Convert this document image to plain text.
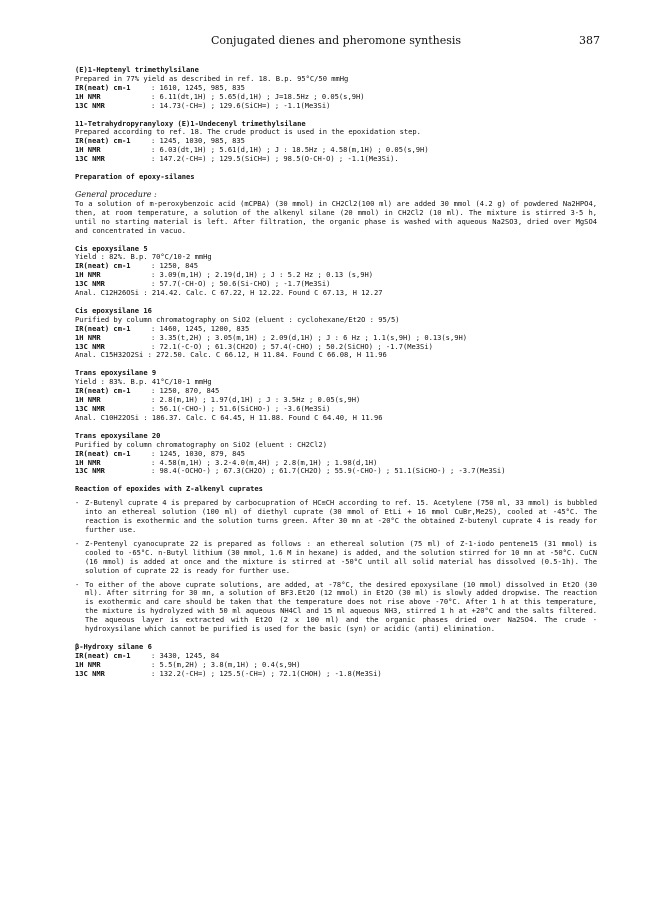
Conjugated dienes and pheromone synthesis	387
(E)1-Heptenyl trimethylsilane
Prepared in 77% yield as described in ref. 18. B.p. 95°C/50 mmHg
IR(neat) cm-1	: 1610, 1245, 985, 835
1H NMR	: 6.11(dt,1H) ; 5.65(d,1H) ; J=18.5Hz ; 0.05(s,9H)
13C NMR	: 14.73(-CH=) ; 129.6(SiCH=) ; -1.1(Me3Si)
11-Tetrahydropyranyloxy (E)1-Undecenyl trimethylsilane
Prepared according to ref. 18. The crude product is used in the epoxidation step.
IR(neat) cm-1	: 1245, 1030, 985, 835
1H NMR	: 6.03(dt,1H) ; 5.61(d,1H) ; J : 18.5Hz ; 4.58(m,1H) ; 0.05(s,9H)
13C NMR	: 147.2(-CH=) ; 129.5(SiCH=) ; 98.5(O-CH-O) ; -1.1(Me3Si).
Preparation of epoxy-silanes
General procedure :
To a solution of m-peroxybenzoic acid (mCPBA) (30 mmol) in CH2Cl2(100 ml) are added 30 mmol (4.2 g) of powdered Na2HPO4, then, at room temperature, a solution of the alkenyl silane (20 mmol) in CH2Cl2 (10 ml). The mixture is stirred 3-5 h, until no starting material is left. After filtration, the organic phase is washed with aqueous Na2SO3, dried over MgSO4 and concentrated in vacuo.
Cis epoxysilane 5
Yield : 82%. B.p. 70°C/10-2 mmHg
IR(neat) cm-1	: 1250, 845
1H NMR	: 3.09(m,1H) ; 2.19(d,1H) ; J : 5.2 Hz ; 0.13 (s,9H)
13C NMR	: 57.7(-CH-O) ; 50.6(Si-CHO) ; -1.7(Me3Si)
Anal. C12H26OSi : 214.42. Calc. C 67.22, H 12.22. Found C 67.13, H 12.27
Cis epoxysilane 16
Purified by column chromatography on SiO2 (eluent : cyclohexane/Et2O : 95/5)
IR(neat) cm-1	: 1460, 1245, 1200, 835
1H NMR	: 3.35(t,2H) ; 3.05(m,1H) ; 2.09(d,1H) ; J : 6 Hz ; 1.1(s,9H) ; 0.13(s,9H)
13C NMR	: 72.1(-C-O) ; 61.3(CH2O) ; 57.4(-CHO) ; 50.2(SiCHO) ; -1.7(Me3Si)
Anal. C15H32O2Si : 272.50. Calc. C 66.12, H 11.84. Found C 66.08, H 11.96
Trans epoxysilane 9
Yield : 83%. B.p. 41°C/10-1 mmHg
IR(neat) cm-1	: 1250, 870, 845
1H NMR	: 2.8(m,1H) ; 1.97(d,1H) ; J : 3.5Hz ; 0.05(s,9H)
13C NMR	: 56.1(-CHO-) ; 51.6(SiCHO-) ; -3.6(Me3Si)
Anal. C10H22OSi : 186.37. Calc. C 64.45, H 11.88. Found C 64.40, H 11.96
Trans epoxysilane 20
Purified by column chromatography on SiO2 (eluent : CH2Cl2)
IR(neat) cm-1	: 1245, 1030, 879, 845
1H NMR	: 4.58(m,1H) ; 3.2-4.0(m,4H) ; 2.8(m,1H) ; 1.98(d,1H)
13C NMR	: 98.4(-OCHO-) ; 67.3(CH2O) ; 61.7(CH2O) ; 55.9(-CHO-) ; 51.1(SiCHO-) ; -3.7(Me3Si)
Reaction of epoxides with Z-alkenyl cuprates
- Z-Butenyl cuprate 4 is prepared by carbocupration of HC≡CH according to ref. 15. Acetylene (750 ml, 33 mmol) is bubbled into an ethereal solution (100 ml) of diethyl cuprate (30 mmol of EtLi + 16 mmol CuBr,Me2S), cooled at -45°C. The reaction is exothermic and the solution turns green. After 30 mn at -20°C the obtained Z-butenyl cuprate 4 is ready for further use.
- Z-Pentenyl cyanocuprate 22 is prepared as follows : an ethereal solution (75 ml) of Z-1-iodo pentene15 (31 mmol) is cooled to -65°C. n-Butyl lithium (30 mmol, 1.6 M in hexane) is added, and the solution stirred for 10 mn at -50°C. CuCN (16 mmol) is added at once and the mixture is stirred at -50°C until all solid material has dissolved (0.5-1h). The solution of cuprate 22 is ready for further use.
- To either of the above cuprate solutions, are added, at -78°C, the desired epoxysilane (10 mmol) dissolved in Et2O (30 ml). After sitrring for 30 mn, a solution of BF3.Et2O (12 mmol) in Et2O (30 ml) is slowly added dropwise. The reaction is exothermic and care should be taken that the temperature does not rise above -70°C. After 1 h at this temperature, the mixture is hydrolyzed with 50 ml aqueous NH4Cl and 15 ml aqueous NH3, stirred 1 h at +20°C and the salts filtered. The aqueous layer is extracted with Et2O (2 x 100 ml) and the organic phases dried over Na2SO4. The crude -hydroxysilane which cannot be purified is used for the basic (syn) or acidic (anti) elimination.
β-Hydroxy silane 6
IR(neat) cm-1	: 3430, 1245, 84
1H NMR	: 5.5(m,2H) ; 3.8(m,1H) ; 0.4(s,9H)
13C NMR	: 132.2(-CH=) ; 125.5(-CH=) ; 72.1(CHOH) ; -1.8(Me3Si)
